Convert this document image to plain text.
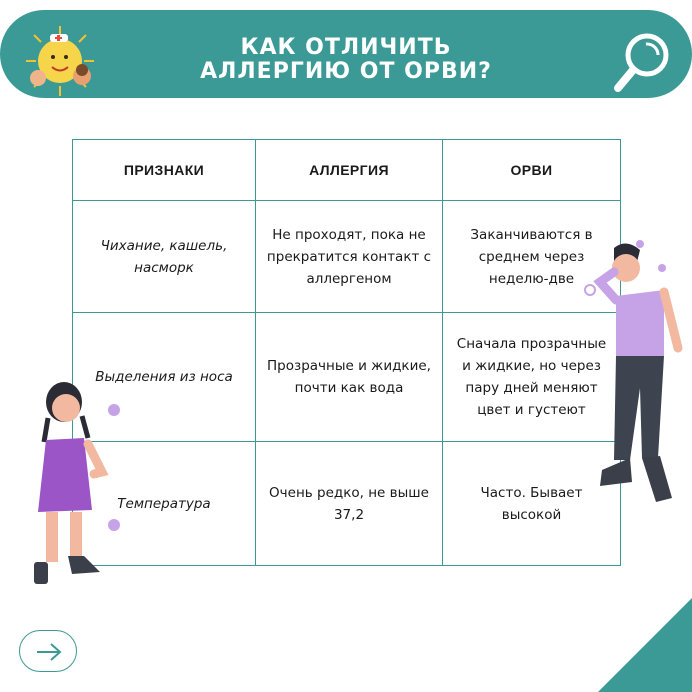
КАК ОТЛИЧИТЬ
АЛЛЕРГИЮ ОТ ОРВИ?
ПРИЗНАКИ	АЛЛЕРГИЯ	ОРВИ
Чихание, кашель, насморк	Не проходят, пока не прекратится контакт с аллергеном	Заканчиваются в среднем через неделю-две
Выделения из носа	Прозрачные и жидкие, почти как вода	Сначала прозрачные и жидкие, но через пару дней меняют цвет и густеют
Температура	Очень редко, не выше 37,2	Часто. Бывает высокой
